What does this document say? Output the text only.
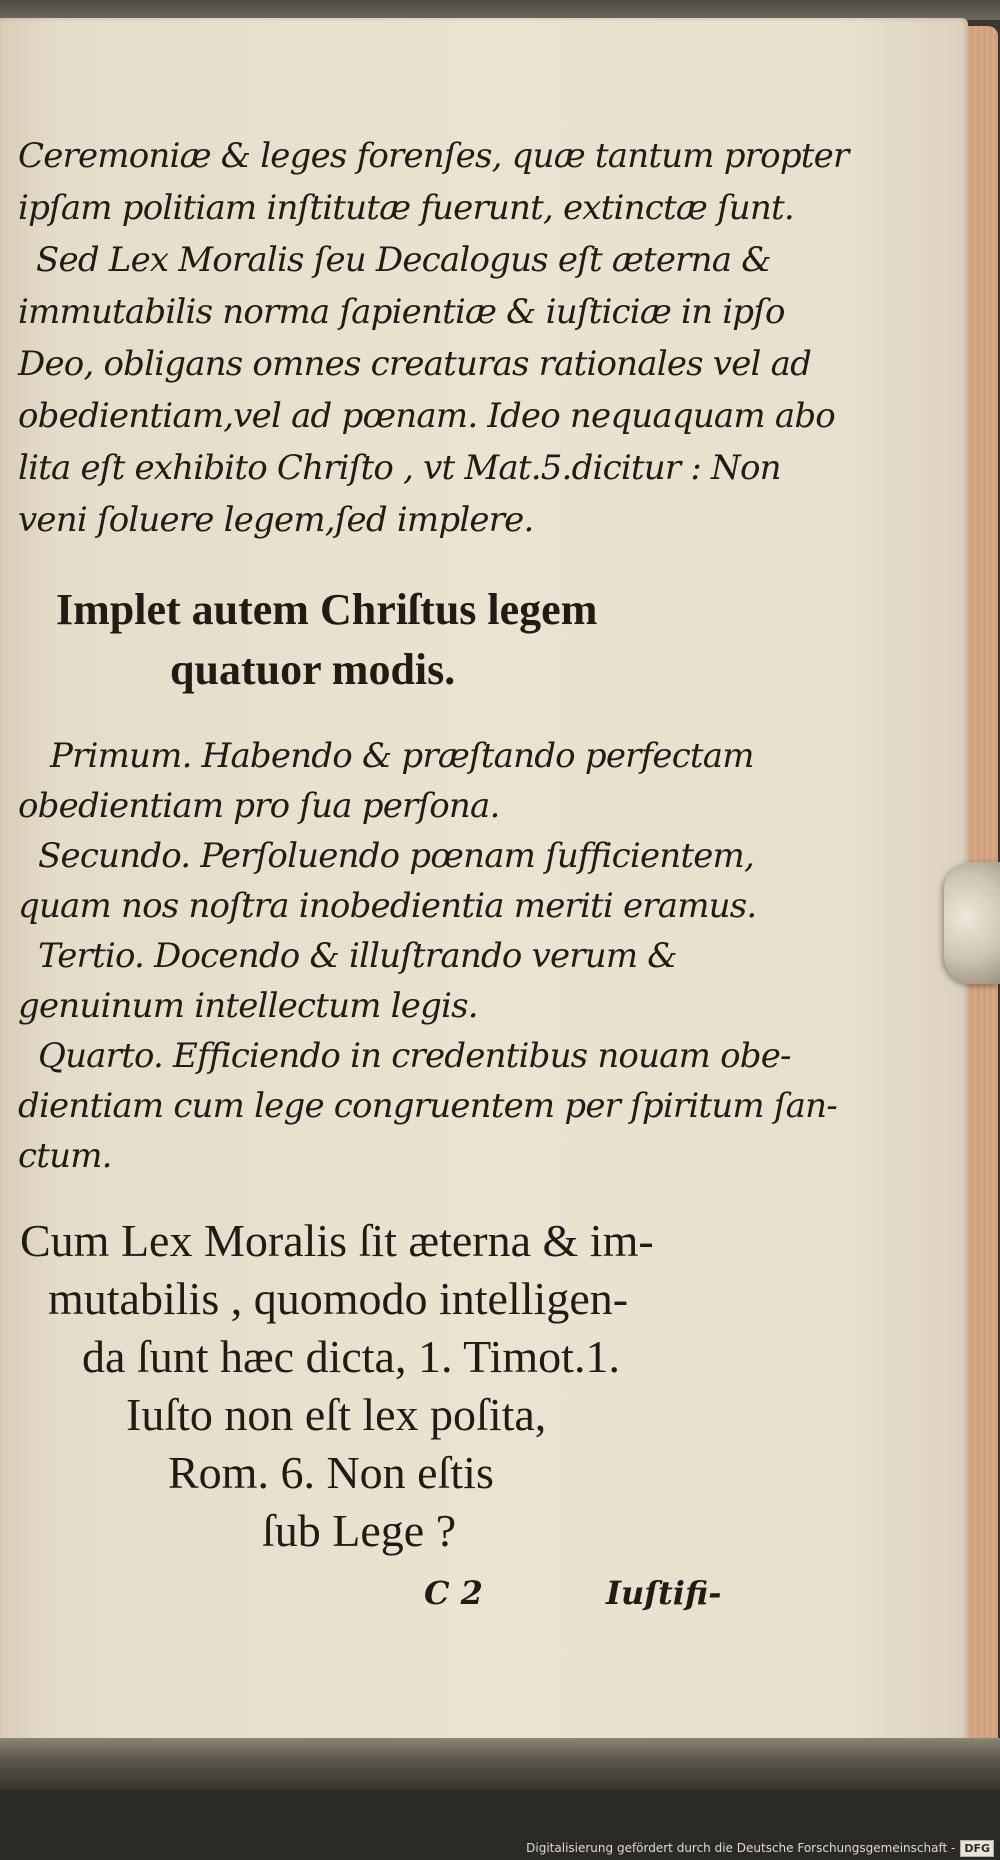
Ceremoniæ & leges forenſes, quæ tantum propter
ipſam politiam inſtitutæ fuerunt, extinctæ ſunt.
Sed Lex Moralis ſeu Decalogus eſt æterna &
immutabilis norma ſapientiæ & iuſticiæ in ipſo
Deo, obligans omnes creaturas rationales vel ad
obedientiam,vel ad pœnam. Ideo nequaquam abo
lita eſt exhibito Chriſto , vt Mat.5.dicitur : Non
veni ſoluere legem,ſed implere.
Implet autem Chriſtus legem
quatuor modis.
Primum. Habendo & præſtando perfectam
obedientiam pro ſua perſona.
Secundo. Perſoluendo pœnam ſufficientem,
quam nos noſtra inobedientia meriti eramus.
Tertio. Docendo & illuſtrando verum &
genuinum intellectum legis.
Quarto. Efficiendo in credentibus nouam obe-
dientiam cum lege congruentem per ſpiritum ſan-
ctum.
Cum Lex Moralis ſit æterna & im-
mutabilis , quomodo intelligen-
da ſunt hæc dicta, 1. Timot.1.
Iuſto non eſt lex poſita,
Rom. 6. Non eſtis
ſub Lege ?
C 2	Iuſtifi-
Digitalisierung gefördert durch die Deutsche Forschungsgemeinschaft - DFG
